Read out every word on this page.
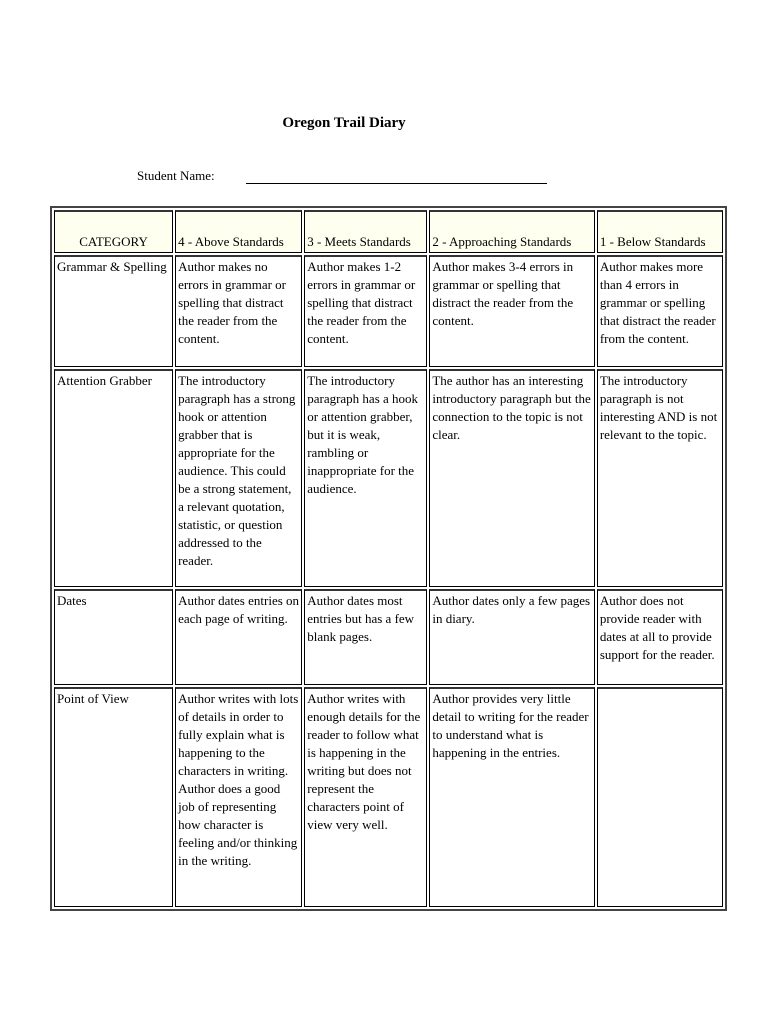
Oregon Trail Diary
Student Name:
CATEGORY	4 - Above Standards	3 - Meets Standards	2 - Approaching Standards	1 - Below Standards
Grammar & Spelling	Author makes no errors in grammar or spelling that distract the reader from the content.	Author makes 1-2 errors in grammar or spelling that distract the reader from the content.	Author makes 3-4 errors in grammar or spelling that distract the reader from the content.	Author makes more than 4 errors in grammar or spelling that distract the reader from the content.
Attention Grabber	The introductory paragraph has a strong hook or attention grabber that is appropriate for the audience. This could be a strong statement, a relevant quotation, statistic, or question addressed to the reader.	The introductory paragraph has a hook or attention grabber, but it is weak, rambling or inappropriate for the audience.	The author has an interesting introductory paragraph but the connection to the topic is not clear.	The introductory paragraph is not interesting AND is not relevant to the topic.
Dates	Author dates entries on each page of writing.	Author dates most entries but has a few blank pages.	Author dates only a few pages in diary.	Author does not provide reader with dates at all to provide support for the reader.
Point of View	Author writes with lots of details in order to fully explain what is happening to the characters in writing. Author does a good job of representing how character is feeling and/or thinking in the writing.	Author writes with enough details for the reader to follow what is happening in the writing but does not represent the characters point of view very well.	Author provides very little detail to writing for the reader to understand what is happening in the entries.	
